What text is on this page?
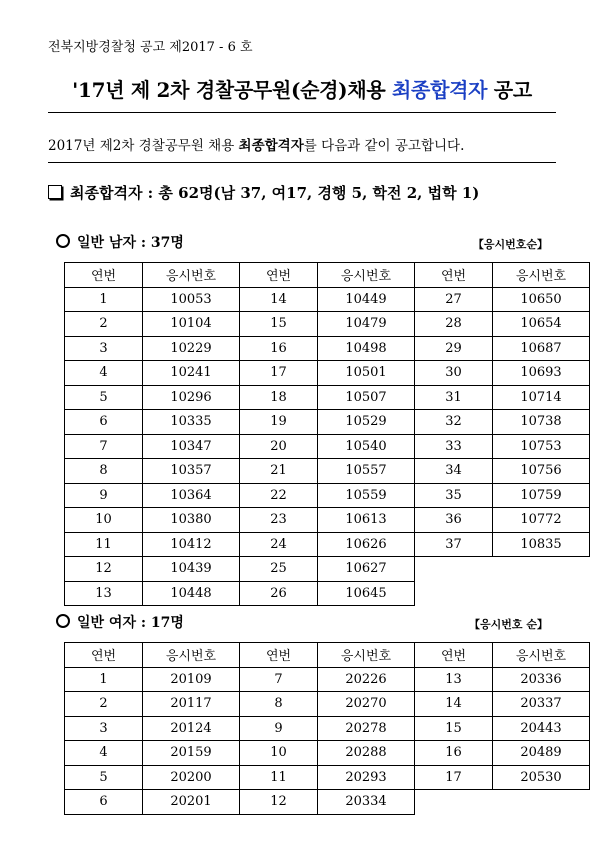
전북지방경찰청 공고 제2017 - 6 호
'17년 제 2차 경찰공무원(순경)채용 최종합격자 공고
2017년 제2차 경찰공무원 채용 최종합격자를 다음과 같이 공고합니다.
최종합격자 : 총 62명(남 37, 여17, 경행 5, 학전 2, 법학 1)
일반 남자 : 37명	【응시번호순】
연번	응시번호	연번	응시번호	연번	응시번호
1	10053	14	10449	27	10650
2	10104	15	10479	28	10654
3	10229	16	10498	29	10687
4	10241	17	10501	30	10693
5	10296	18	10507	31	10714
6	10335	19	10529	32	10738
7	10347	20	10540	33	10753
8	10357	21	10557	34	10756
9	10364	22	10559	35	10759
10	10380	23	10613	36	10772
11	10412	24	10626	37	10835
12	10439	25	10627		
13	10448	26	10645		
일반 여자 : 17명	【응시번호 순】
연번	응시번호	연번	응시번호	연번	응시번호
1	20109	7	20226	13	20336
2	20117	8	20270	14	20337
3	20124	9	20278	15	20443
4	20159	10	20288	16	20489
5	20200	11	20293	17	20530
6	20201	12	20334		
